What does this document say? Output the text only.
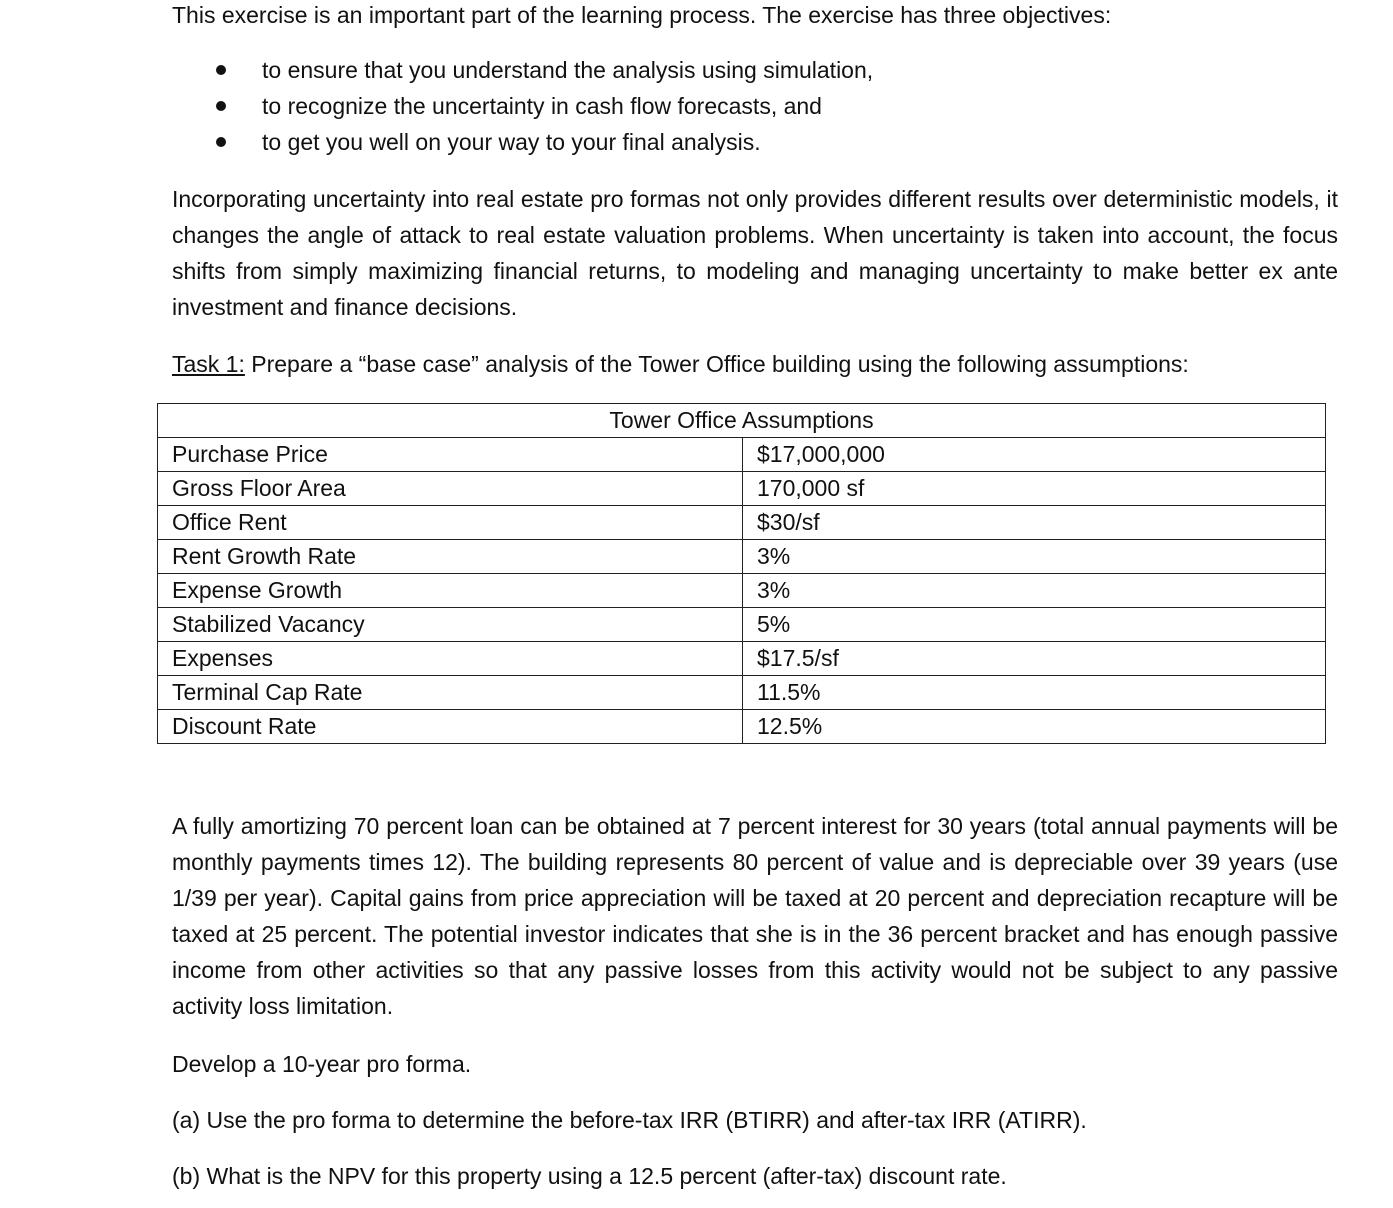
This exercise is an important part of the learning process. The exercise has three objectives:

to ensure that you understand the analysis using simulation,
to recognize the uncertainty in cash flow forecasts, and
to get you well on your way to your final analysis.

Incorporating uncertainty into real estate pro formas not only provides different results over deterministic models, it changes the angle of attack to real estate valuation problems. When uncertainty is taken into account, the focus shifts from simply maximizing financial returns, to modeling and managing uncertainty to make better ex ante investment and finance decisions.

Task 1: Prepare a “base case” analysis of the Tower Office building using the following assumptions:

Tower Office Assumptions	
Purchase Price	$17,000,000
Gross Floor Area	170,000 sf
Office Rent	$30/sf
Rent Growth Rate	3%
Expense Growth	3%
Stabilized Vacancy	5%
Expenses	$17.5/sf
Terminal Cap Rate	11.5%
Discount Rate	12.5%

A fully amortizing 70 percent loan can be obtained at 7 percent interest for 30 years (total annual payments will be monthly payments times 12). The building represents 80 percent of value and is depreciable over 39 years (use 1/39 per year). Capital gains from price appreciation will be taxed at 20 percent and depreciation recapture will be taxed at 25 percent. The potential investor indicates that she is in the 36 percent bracket and has enough passive income from other activities so that any passive losses from this activity would not be subject to any passive activity loss limitation.

Develop a 10-year pro forma.

(a) Use the pro forma to determine the before-tax IRR (BTIRR) and after-tax IRR (ATIRR).

(b) What is the NPV for this property using a 12.5 percent (after-tax) discount rate.
